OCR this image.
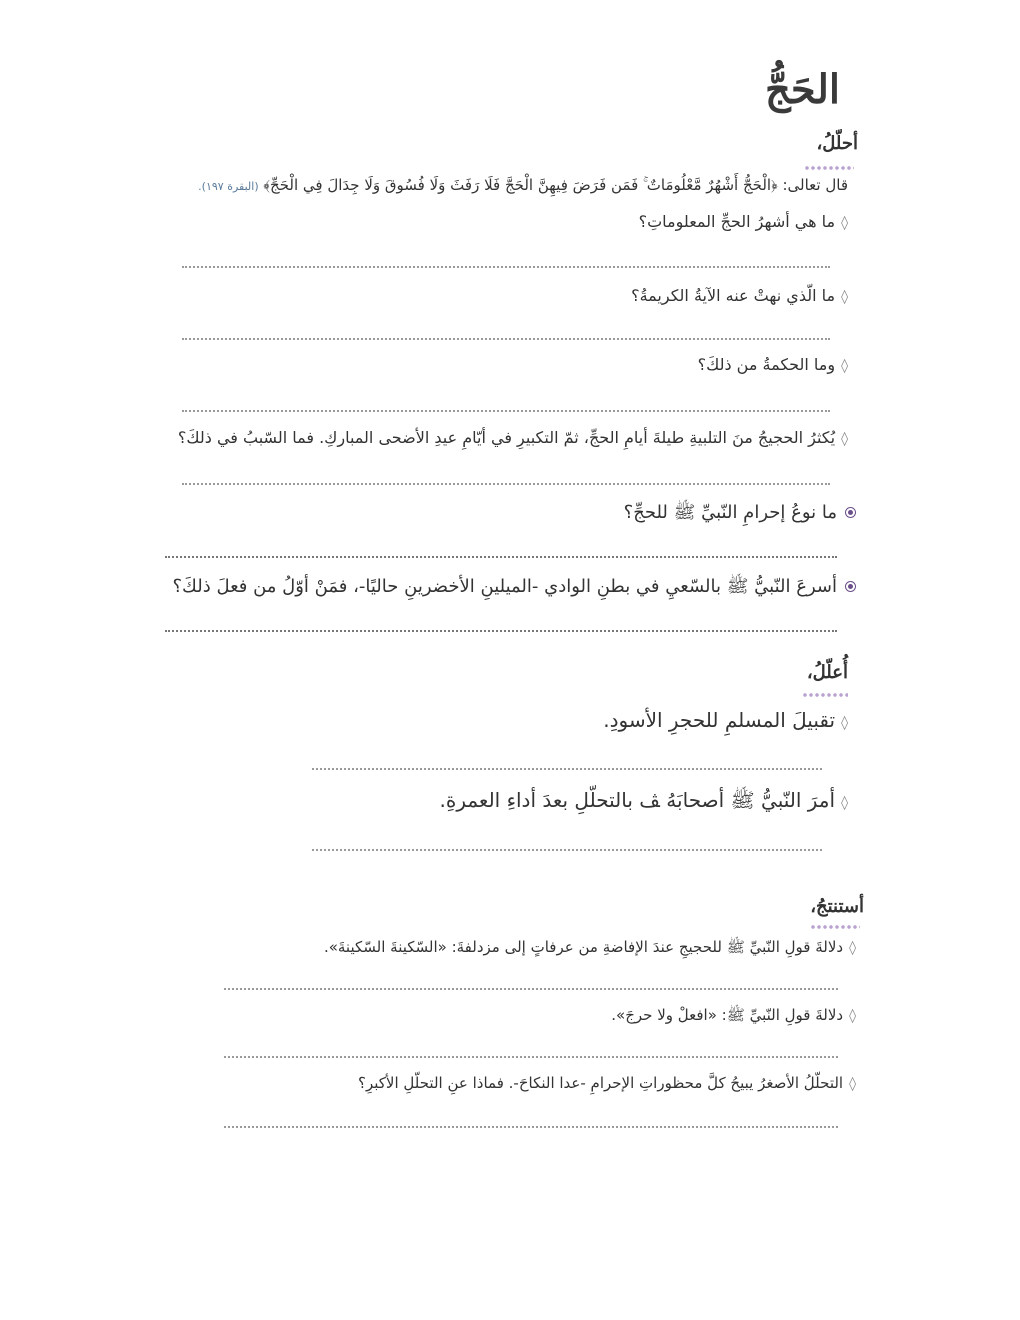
الحَجُّ
أحلّلُ،
قال تعالى: ﴿الْحَجُّ أَشْهُرٌ مَّعْلُومَاتٌ ۚ فَمَن فَرَضَ فِيهِنَّ الْحَجَّ فَلَا رَفَثَ وَلَا فُسُوقَ وَلَا جِدَالَ فِي الْحَجِّ﴾ (البقرة ١٩٧).
◊ما هي أشهرُ الحجِّ المعلوماتِ؟
◊ما الّذي نهتْ عنه الآيةُ الكريمةُ؟
◊وما الحكمةُ من ذلكَ؟
◊يُكثرُ الحجيجُ منَ التلبيةِ طيلةَ أيامِ الحجِّ، ثمّ التكبيرِ في أيّامِ عيدِ الأضحى المباركِ. فما السّببُ في ذلكَ؟
ما نوعُ إحرامِ النّبيِّ ﷺ للحجِّ؟
أسرعَ النّبيُّ ﷺ بالسّعيِ في بطنِ الوادي -الميلينِ الأخضرينِ حاليًا-، فمَنْ أوّلُ من فعلَ ذلكَ؟
أُعلّلُ،
◊تقبيلَ المسلمِ للحجرِ الأسودِ.
◊أمرَ النّبيُّ ﷺ أصحابَهُ ﭫ بالتحلّلِ بعدَ أداءِ العمرةِ.
أستنتجُ،
◊دلالةَ قولِ النّبيِّ ﷺ للحجيجِ عندَ الإفاضةِ من عرفاتٍ إلى مزدلفةَ: «السّكينةَ السّكينةَ».
◊دلالةَ قولِ النّبيِّ ﷺ: «افعلْ ولا حرجَ».
◊التحلّلُ الأصغرُ يبيحُ كلَّ محظوراتِ الإحرامِ -عدا النكاحَ-. فماذا عنِ التحلّلِ الأكبرِ؟
